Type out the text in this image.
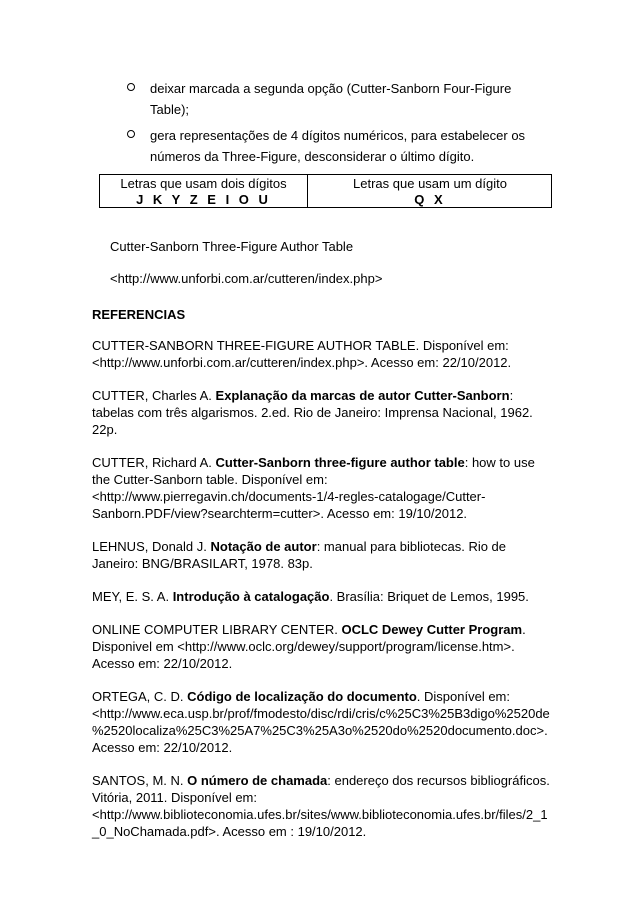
deixar marcada a segunda opção (Cutter-Sanborn Four-Figure
Table);
gera representações de 4 dígitos numéricos, para estabelecer os
números da Three-Figure, desconsiderar o último dígito.
Letras que usam dois dígitos
J K Y Z E I O U
Letras que usam um dígito
Q X
Cutter-Sanborn Three-Figure Author Table
<http://www.unforbi.com.ar/cutteren/index.php>
REFERENCIAS
CUTTER-SANBORN THREE-FIGURE AUTHOR TABLE. Disponível em:
<http://www.unforbi.com.ar/cutteren/index.php>. Acesso em: 22/10/2012.
CUTTER, Charles A. Explanação da marcas de autor Cutter-Sanborn:
tabelas com três algarismos. 2.ed. Rio de Janeiro: Imprensa Nacional, 1962.
22p.
CUTTER, Richard A. Cutter-Sanborn three-figure author table: how to use
the Cutter-Sanborn table. Disponível em:
<http://www.pierregavin.ch/documents-1/4-regles-catalogage/Cutter-
Sanborn.PDF/view?searchterm=cutter>. Acesso em: 19/10/2012.
LEHNUS, Donald J. Notação de autor: manual para bibliotecas. Rio de
Janeiro: BNG/BRASILART, 1978. 83p.
MEY, E. S. A. Introdução à catalogação. Brasília: Briquet de Lemos, 1995.
ONLINE COMPUTER LIBRARY CENTER. OCLC Dewey Cutter Program.
Disponivel em <http://www.oclc.org/dewey/support/program/license.htm>.
Acesso em: 22/10/2012.
ORTEGA, C. D. Código de localização do documento. Disponível em:
<http://www.eca.usp.br/prof/fmodesto/disc/rdi/cris/c%25C3%25B3digo%2520de
%2520localiza%25C3%25A7%25C3%25A3o%2520do%2520documento.doc>.
Acesso em: 22/10/2012.
SANTOS, M. N. O número de chamada: endereço dos recursos bibliográficos.
Vitória, 2011. Disponível em:
<http://www.biblioteconomia.ufes.br/sites/www.biblioteconomia.ufes.br/files/2_1
_0_NoChamada.pdf>. Acesso em : 19/10/2012.
